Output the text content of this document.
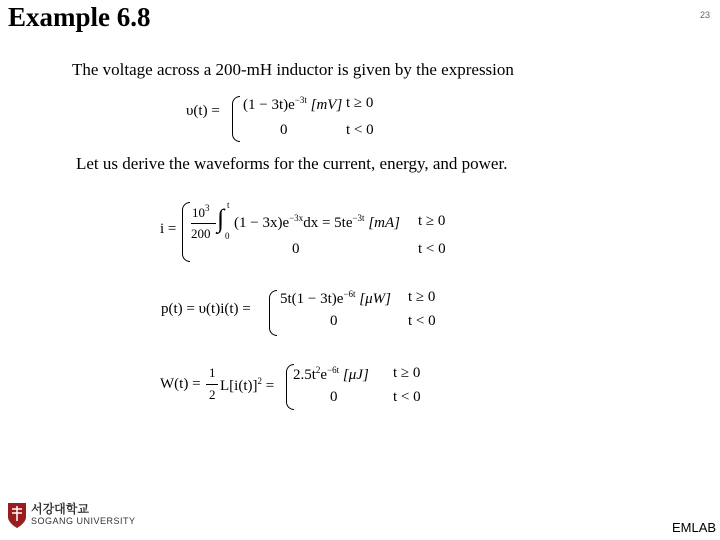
Example 6.8	23
The voltage across a 200-mH inductor is given by the expression
$\upsilon(t) = (1 - 3t)e^{-3t}$ [mV] t ≥ 0
0	t < 0
Let us derive the waveforms for the current, energy, and power.
i =
$10^3$
200
∫ t
0
$(1 - 3x)e^{-3x}dx = 5te^{-3t}$ [mA] t ≥ 0
0	t < 0
p(t) = υ(t)i(t) =
$5t(1 - 3t)e^{-6t}$ [μW] t ≥ 0
0	t < 0
W(t) =
1
2
$L[i(t)]^2$ =
$2.5t^2e^{-6t}$ [μJ] t ≥ 0
0	t < 0
서강대학교
SOGANG UNIVERSITY	EMLAB
